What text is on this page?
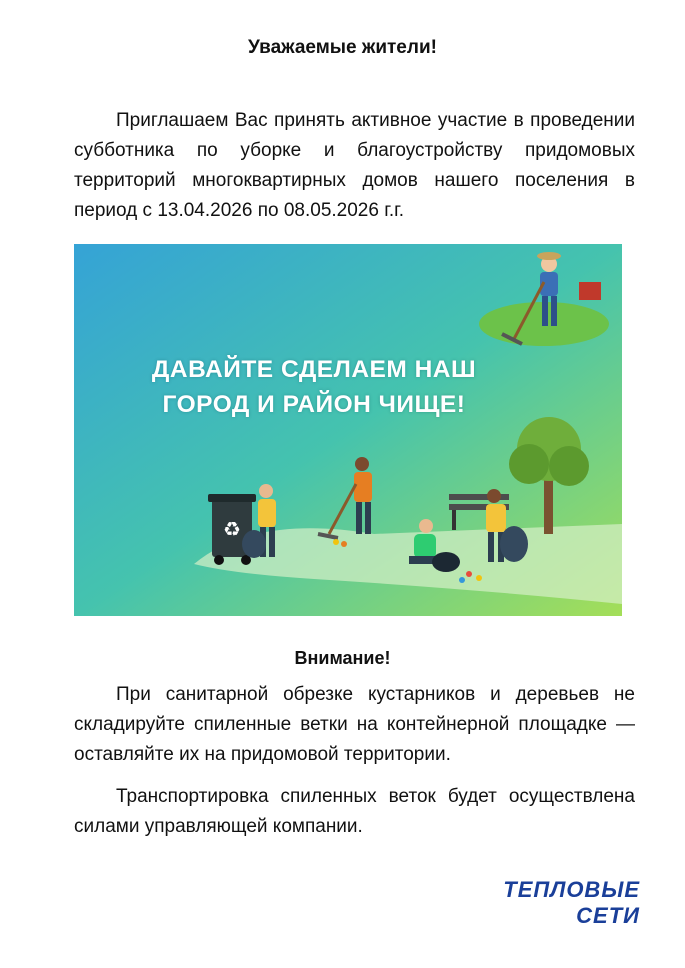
Уважаемые жители!

Приглашаем Вас принять активное участие в проведении субботника по уборке и благоустройству придомовых территорий многоквартирных домов нашего поселения в период с 13.04.2026 по 08.05.2026 г.г.

♻

ДАВАЙТЕ СДЕЛАЕМ НАШ
ГОРОД И РАЙОН ЧИЩЕ!

Внимание!

При санитарной обрезке кустарников и деревьев не складируйте спиленные ветки на контейнерной площадке — оставляйте их на придомовой территории.

Транспортировка спиленных веток будет осуществлена силами управляющей компании.

ТЕПЛОВЫЕ СЕТИ
